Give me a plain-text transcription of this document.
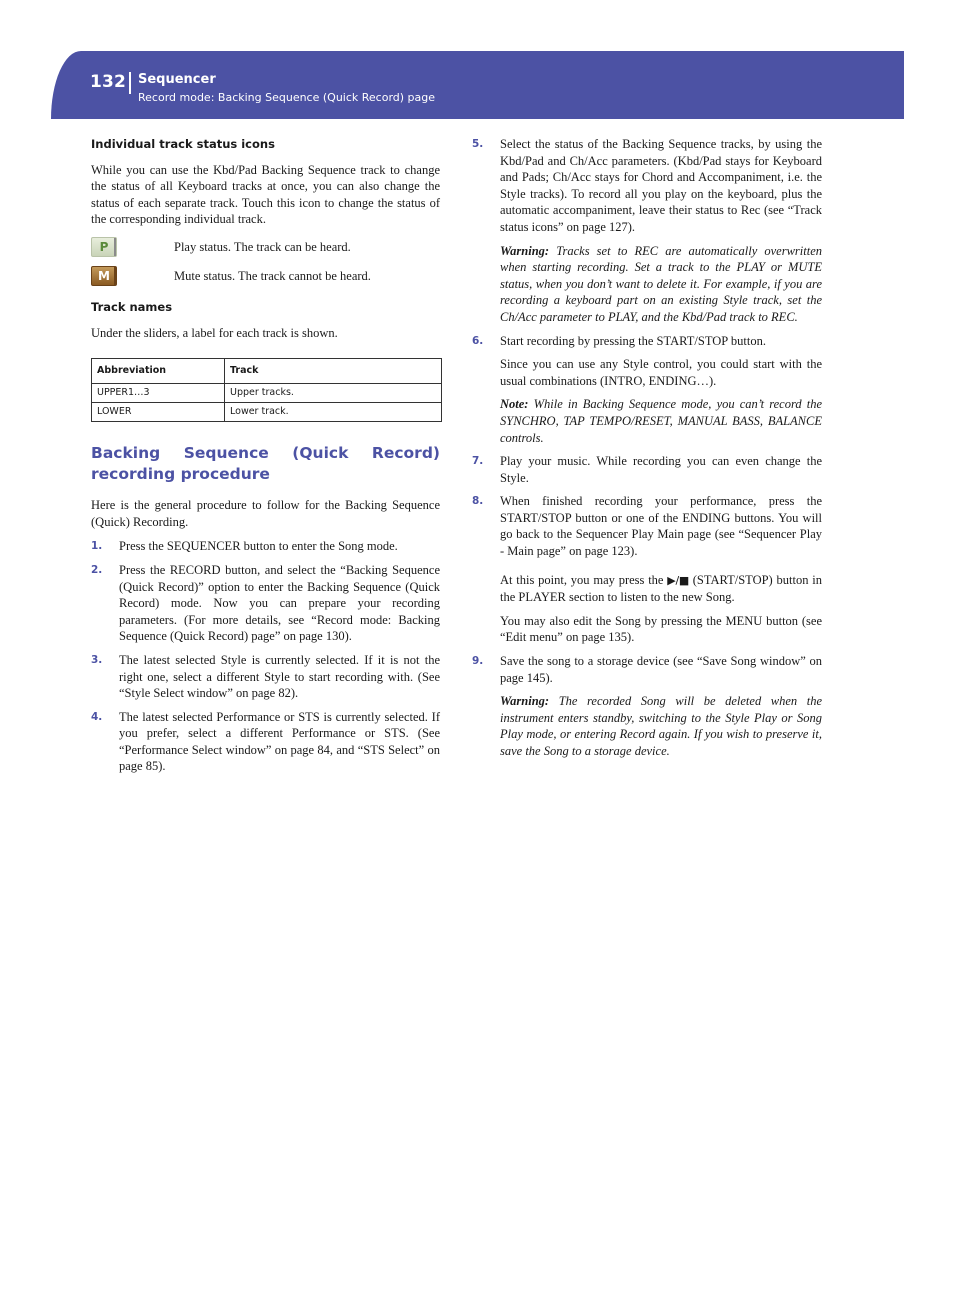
132 Sequencer
Record mode: Backing Sequence (Quick Record) page
Individual track status icons

While you can use the Kbd/Pad Backing Sequence track to change the status of all Keyboard tracks at once, you can also change the status of each separate track. Touch this icon to change the status of the corresponding individual track.

P	Play status. The track can be heard.
M	Mute status. The track cannot be heard.
Track names

Under the sliders, a label for each track is shown.

Abbreviation	Track
UPPER1…3	Upper tracks.
LOWER	Lower track.
Backing Sequence (Quick Record) recording procedure

Here is the general procedure to follow for the Backing Sequence (Quick) Recording.

1. Press the SEQUENCER button to enter the Song mode.
2. Press the RECORD button, and select the “Backing Sequence (Quick Record)” option to enter the Backing Sequence (Quick Record) mode. Now you can prepare your recording parameters. (For more details, see “Record mode: Backing Sequence (Quick Record) page” on page 130).
3. The latest selected Style is currently selected. If it is not the right one, select a different Style to start recording with. (See “Style Select window” on page 82).
4. The latest selected Performance or STS is currently selected. If you prefer, select a different Performance or STS. (See “Performance Select window” on page 84, and “STS Select” on page 85).
5. Select the status of the Backing Sequence tracks, by using the Kbd/Pad and Ch/Acc parameters. (Kbd/Pad stays for Keyboard and Pads; Ch/Acc stays for Chord and Accompaniment, i.e. the Style tracks). To record all you play on the keyboard, plus the automatic accompaniment, leave their status to Rec (see “Track status icons” on page 127).

Warning: Tracks set to REC are automatically overwritten when starting recording. Set a track to the PLAY or MUTE status, when you don’t want to delete it. For example, if you are recording a keyboard part on an existing Style track, set the Ch/Acc parameter to PLAY, and the Kbd/Pad track to REC.

6. Start recording by pressing the START/STOP button.

Since you can use any Style control, you could start with the usual combinations (INTRO, ENDING…).

Note: While in Backing Sequence mode, you can’t record the SYNCHRO, TAP TEMPO/RESET, MANUAL BASS, BALANCE controls.

7. Play your music. While recording you can even change the Style.
8. When finished recording your performance, press the START/STOP button or one of the ENDING buttons. You will go back to the Sequencer Play Main page (see “Sequencer Play - Main page” on page 123).

At this point, you may press the ▶/■ (START/STOP) button in the PLAYER section to listen to the new Song.

You may also edit the Song by pressing the MENU button (see “Edit menu” on page 135).

9. Save the song to a storage device (see “Save Song window” on page 145).

Warning: The recorded Song will be deleted when the instrument enters standby, switching to the Style Play or Song Play mode, or entering Record again. If you wish to preserve it, save the Song to a storage device.
